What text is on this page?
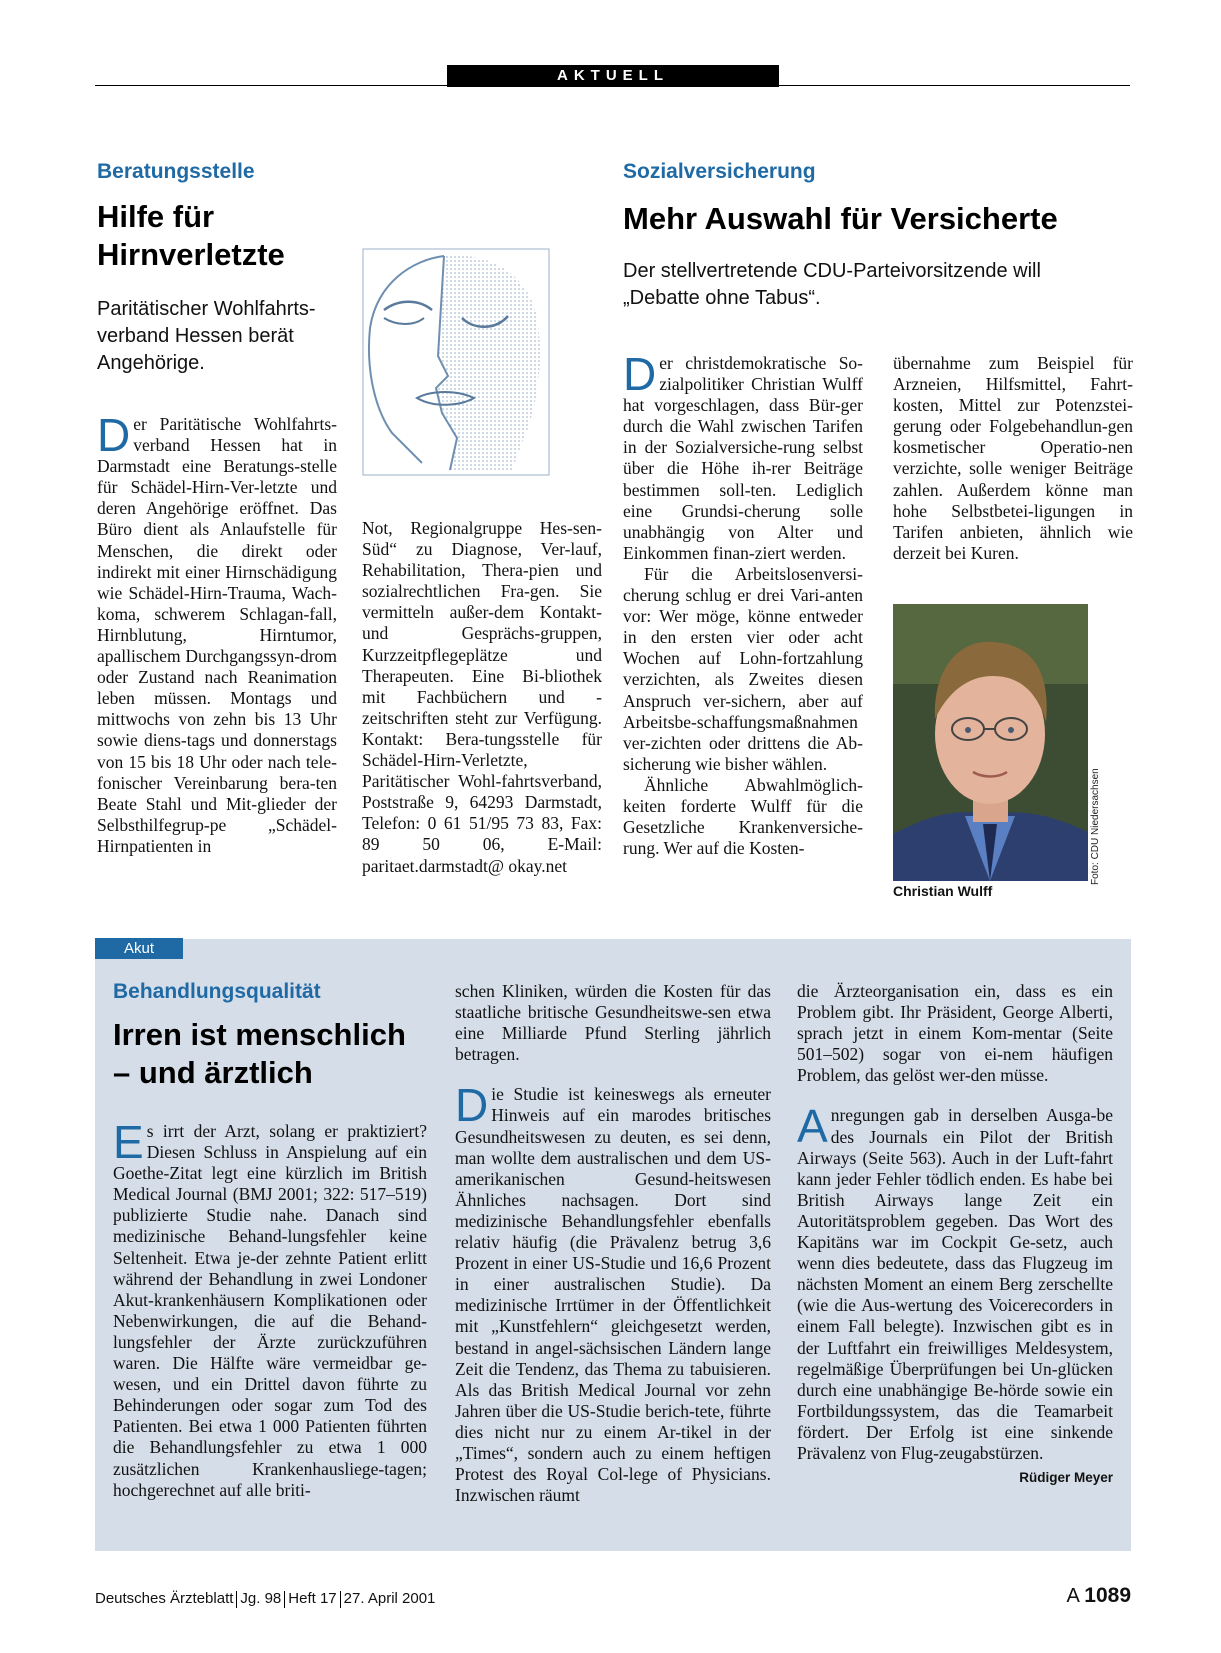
AKTUELL
Beratungsstelle
Hilfe für Hirnverletzte
Paritätischer Wohlfahrts-verband Hessen berät Angehörige.

Der Paritätische Wohlfahrts-verband Hessen hat in Darmstadt eine Beratungs-stelle für Schädel-Hirn-Ver-letzte und deren Angehörige eröffnet. Das Büro dient als Anlaufstelle für Menschen, die direkt oder indirekt mit einer Hirnschädigung wie Schädel-Hirn-Trauma, Wach-koma, schwerem Schlagan-fall, Hirnblutung, Hirntumor, apallischem Durchgangssyn-drom oder Zustand nach Reanimation leben müssen. Montags und mittwochs von zehn bis 13 Uhr sowie diens-tags und donnerstags von 15 bis 18 Uhr oder nach tele-fonischer Vereinbarung bera-ten Beate Stahl und Mit-glieder der Selbsthilfegrup-pe „Schädel-Hirnpatienten in

Not, Regionalgruppe Hes-sen-Süd“ zu Diagnose, Ver-lauf, Rehabilitation, Thera-pien und sozialrechtlichen Fra-gen. Sie vermitteln außer-dem Kontakt- und Gesprächs-gruppen, Kurzzeitpflegeplätze und Therapeuten. Eine Bi-bliothek mit Fachbüchern und -zeitschriften steht zur Verfügung. Kontakt: Bera-tungsstelle für Schädel-Hirn-Verletzte, Paritätischer Wohl-fahrtsverband, Poststraße 9, 64293 Darmstadt, Telefon: 0 61 51/95 73 83, Fax: 89 50 06, E-Mail: paritaet.darmstadt@ okay.net

Sozialversicherung
Mehr Auswahl für Versicherte
Der stellvertretende CDU-Parteivorsitzende will „Debatte ohne Tabus“.

Der christdemokratische So-zialpolitiker Christian Wulff hat vorgeschlagen, dass Bür-ger durch die Wahl zwischen Tarifen in der Sozialversiche-rung selbst über die Höhe ih-rer Beiträge bestimmen soll-ten. Lediglich eine Grundsi-cherung solle unabhängig von Alter und Einkommen finan-ziert werden.

Für die Arbeitslosenversi-cherung schlug er drei Vari-anten vor: Wer möge, könne entweder in den ersten vier oder acht Wochen auf Lohn-fortzahlung verzichten, als Zweites diesen Anspruch ver-sichern, aber auf Arbeitsbe-schaffungsmaßnahmen ver-zichten oder drittens die Ab-sicherung wie bisher wählen.

Ähnliche Abwahlmöglich-keiten forderte Wulff für die Gesetzliche Krankenversiche-rung. Wer auf die Kosten-

übernahme zum Beispiel für Arzneien, Hilfsmittel, Fahrt-kosten, Mittel zur Potenzstei-gerung oder Folgebehandlun-gen kosmetischer Operatio-nen verzichte, solle weniger Beiträge zahlen. Außerdem könne man hohe Selbstbetei-ligungen in Tarifen anbieten, ähnlich wie derzeit bei Kuren.

Foto: CDU Niedersachsen
Christian Wulff
Akut
Behandlungsqualität
Irren ist menschlich – und ärztlich

Es irrt der Arzt, solang er praktiziert? Diesen Schluss in Anspielung auf ein Goethe-Zitat legt eine kürzlich im British Medical Journal (BMJ 2001; 322: 517–519) publizierte Studie nahe. Danach sind medizinische Behand-lungsfehler keine Seltenheit. Etwa je-der zehnte Patient erlitt während der Behandlung in zwei Londoner Akut-krankenhäusern Komplikationen oder Nebenwirkungen, die auf die Behand-lungsfehler der Ärzte zurückzuführen waren. Die Hälfte wäre vermeidbar ge-wesen, und ein Drittel davon führte zu Behinderungen oder sogar zum Tod des Patienten. Bei etwa 1 000 Patienten führten die Behandlungsfehler zu etwa 1 000 zusätzlichen Krankenhausliege-tagen; hochgerechnet auf alle briti-

schen Kliniken, würden die Kosten für das staatliche britische Gesundheitswe-sen etwa eine Milliarde Pfund Sterling jährlich betragen.

Die Studie ist keineswegs als erneuter Hinweis auf ein marodes britisches Gesundheitswesen zu deuten, es sei denn, man wollte dem australischen und dem US-amerikanischen Gesund-heitswesen Ähnliches nachsagen. Dort sind medizinische Behandlungsfehler ebenfalls relativ häufig (die Prävalenz betrug 3,6 Prozent in einer US-Studie und 16,6 Prozent in einer australischen Studie). Da medizinische Irrtümer in der Öffentlichkeit mit „Kunstfehlern“ gleichgesetzt werden, bestand in angel-sächsischen Ländern lange Zeit die Tendenz, das Thema zu tabuisieren. Als das British Medical Journal vor zehn Jahren über die US-Studie berich-tete, führte dies nicht nur zu einem Ar-tikel in der „Times“, sondern auch zu einem heftigen Protest des Royal Col-lege of Physicians. Inzwischen räumt

die Ärzteorganisation ein, dass es ein Problem gibt. Ihr Präsident, George Alberti, sprach jetzt in einem Kom-mentar (Seite 501–502) sogar von ei-nem häufigen Problem, das gelöst wer-den müsse.

Anregungen gab in derselben Ausga-be des Journals ein Pilot der British Airways (Seite 563). Auch in der Luft-fahrt kann jeder Fehler tödlich enden. Es habe bei British Airways lange Zeit ein Autoritätsproblem gegeben. Das Wort des Kapitäns war im Cockpit Ge-setz, auch wenn dies bedeutete, dass das Flugzeug im nächsten Moment an einem Berg zerschellte (wie die Aus-wertung des Voicerecorders in einem Fall belegte). Inzwischen gibt es in der Luftfahrt ein freiwilliges Meldesystem, regelmäßige Überprüfungen bei Un-glücken durch eine unabhängige Be-hörde sowie ein Fortbildungssystem, das die Teamarbeit fördert. Der Erfolg ist eine sinkende Prävalenz von Flug-zeugabstürzen.
Rüdiger Meyer

Deutsches Ärzteblatt Jg. 98 Heft 17 27. April 2001	A 1089
